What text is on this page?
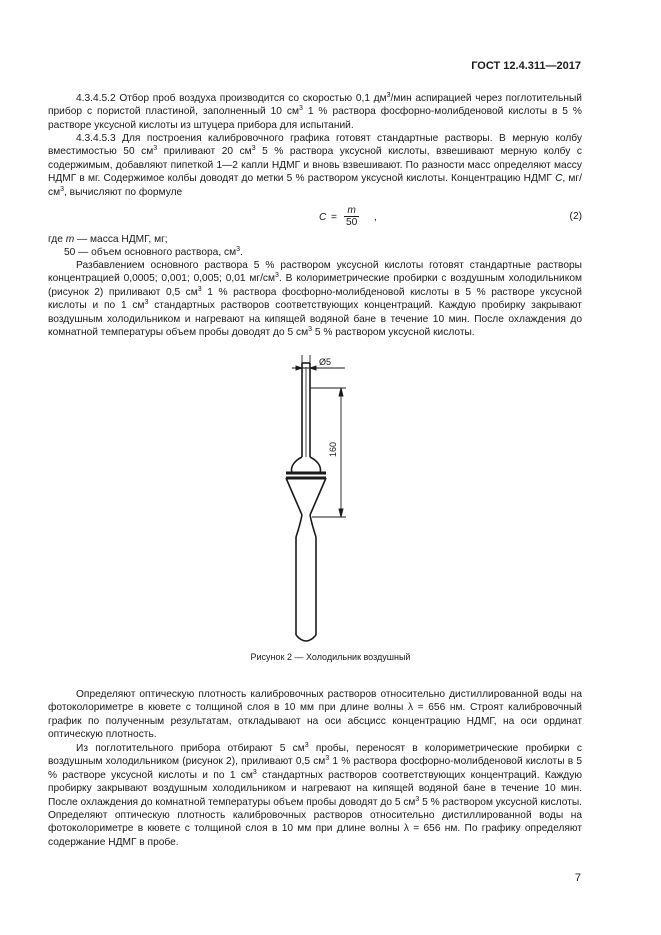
ГОСТ 12.4.311—2017

4.3.4.5.2 Отбор проб воздуха производится со скоростью 0,1 $дм^3$/мин аспирацией через поглотительный прибор с пористой пластиной, заполненный 10 $см^3$ 1 % раствора фосфорно-молибденовой кислоты в 5 % растворе уксусной кислоты из штуцера прибора для испытаний.

4.3.4.5.3 Для построения калибровочного графика готовят стандартные растворы. В мерную колбу вместимостью 50 $см^3$ приливают 20 $см^3$ 5 % раствора уксусной кислоты, взвешивают мерную колбу с содержимым, добавляют пипеткой 1—2 капли НДМГ и вновь взвешивают. По разности масс определяют массу НДМГ в мг. Содержимое колбы доводят до метки 5 % раствором уксусной кислоты. Концентрацию НДМГ С, $мг/см^3$, вычисляют по формуле

$C = \frac{m}{50}$ ,	(2)

где m — масса НДМГ, мг;

50 — объем основного раствора, $см^3$.

Разбавлением основного раствора 5 % раствором уксусной кислоты готовят стандартные растворы концентрацией 0,0005; 0,001; 0,005; 0,01 $мг/см^3$. В колориметрические пробирки с воздушным холодильником (рисунок 2) приливают 0,5 $см^3$ 1 % раствора фосфорно-молибденовой кислоты в 5 % растворе уксусной кислоты и по 1 $см^3$ стандартных растворов соответствующих концентраций. Каждую пробирку закрывают воздушным холодильником и нагревают на кипящей водяной бане в течение 10 мин. После охлаждения до комнатной температуры объем пробы доводят до 5 $см^3$ 5 % раствором уксусной кислоты.

Ø5
160
Рисунок 2 — Холодильник воздушный

Определяют оптическую плотность калибровочных растворов относительно дистиллированной воды на фотоколориметре в кювете с толщиной слоя в 10 мм при длине волны λ = 656 нм. Строят калибровочный график по полученным результатам, откладывают на оси абсцисс концентрацию НДМГ, на оси ординат оптическую плотность.

Из поглотительного прибора отбирают 5 $см^3$ пробы, переносят в колориметрические пробирки с воздушным холодильником (рисунок 2), приливают 0,5 $см^3$ 1 % раствора фосфорно-молибденовой кислоты в 5 % растворе уксусной кислоты и по 1 $см^3$ стандартных растворов соответствующих концентраций. Каждую пробирку закрывают воздушным холодильником и нагревают на кипящей водяной бане в течение 10 мин. После охлаждения до комнатной температуры объем пробы доводят до 5 $см^3$ 5 % раствором уксусной кислоты. Определяют оптическую плотность калибровочных растворов относительно дистиллированной воды на фотоколориметре в кювете с толщиной слоя в 10 мм при длине волны λ = 656 нм. По графику определяют содержание НДМГ в пробе.

7
